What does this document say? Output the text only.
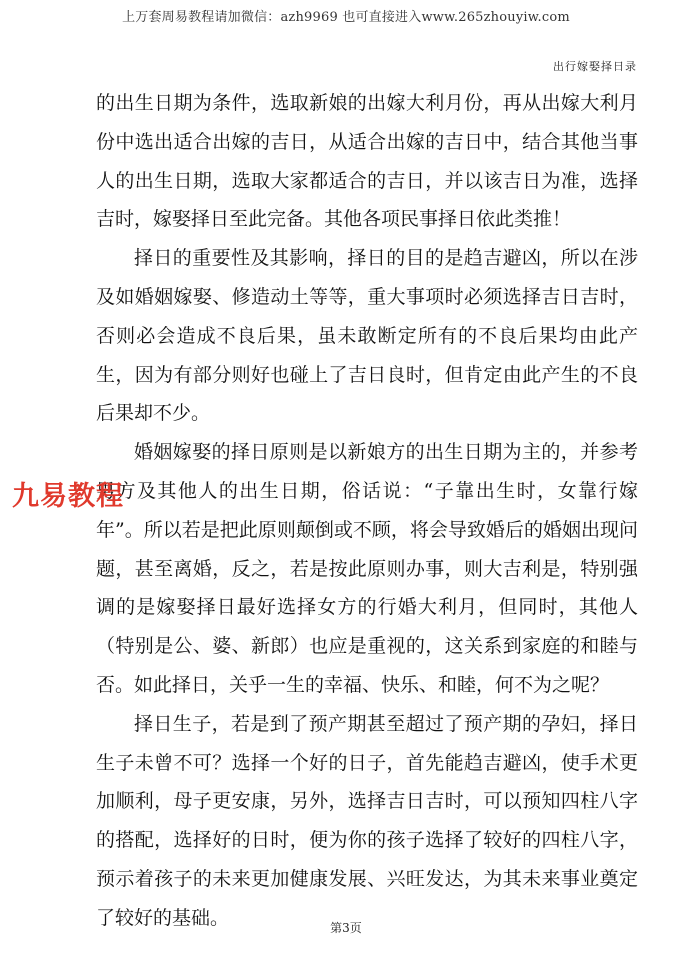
上万套周易教程请加微信：azh9969 也可直接进入www.265zhouyiw.com
出行嫁娶择日录

的出生日期为条件，选取新娘的出嫁大利月份，再从出嫁大利月份中选出适合出嫁的吉日，从适合出嫁的吉日中，结合其他当事人的出生日期，选取大家都适合的吉日，并以该吉日为准，选择吉时，嫁娶择日至此完备。其他各项民事择日依此类推！

择日的重要性及其影响，择日的目的是趋吉避凶，所以在涉及如婚姻嫁娶、修造动土等等，重大事项时必须选择吉日吉时，否则必会造成不良后果，虽未敢断定所有的不良后果均由此产生，因为有部分则好也碰上了吉日良时，但肯定由此产生的不良后果却不少。

婚姻嫁娶的择日原则是以新娘方的出生日期为主的，并参考男方及其他人的出生日期，俗话说：“子靠出生时，女靠行嫁年”。所以若是把此原则颠倒或不顾，将会导致婚后的婚姻出现问题，甚至离婚，反之，若是按此原则办事，则大吉利是，特别强调的是嫁娶择日最好选择女方的行婚大利月，但同时，其他人（特别是公、婆、新郎）也应是重视的，这关系到家庭的和睦与否。如此择日，关乎一生的幸福、快乐、和睦，何不为之呢？

择日生子，若是到了预产期甚至超过了预产期的孕妇，择日生子未曾不可？选择一个好的日子，首先能趋吉避凶，使手术更加顺利，母子更安康，另外，选择吉日吉时，可以预知四柱八字的搭配，选择好的日时，便为你的孩子选择了较好的四柱八字，预示着孩子的未来更加健康发展、兴旺发达，为其未来事业奠定了较好的基础。

九易教程
第3页
